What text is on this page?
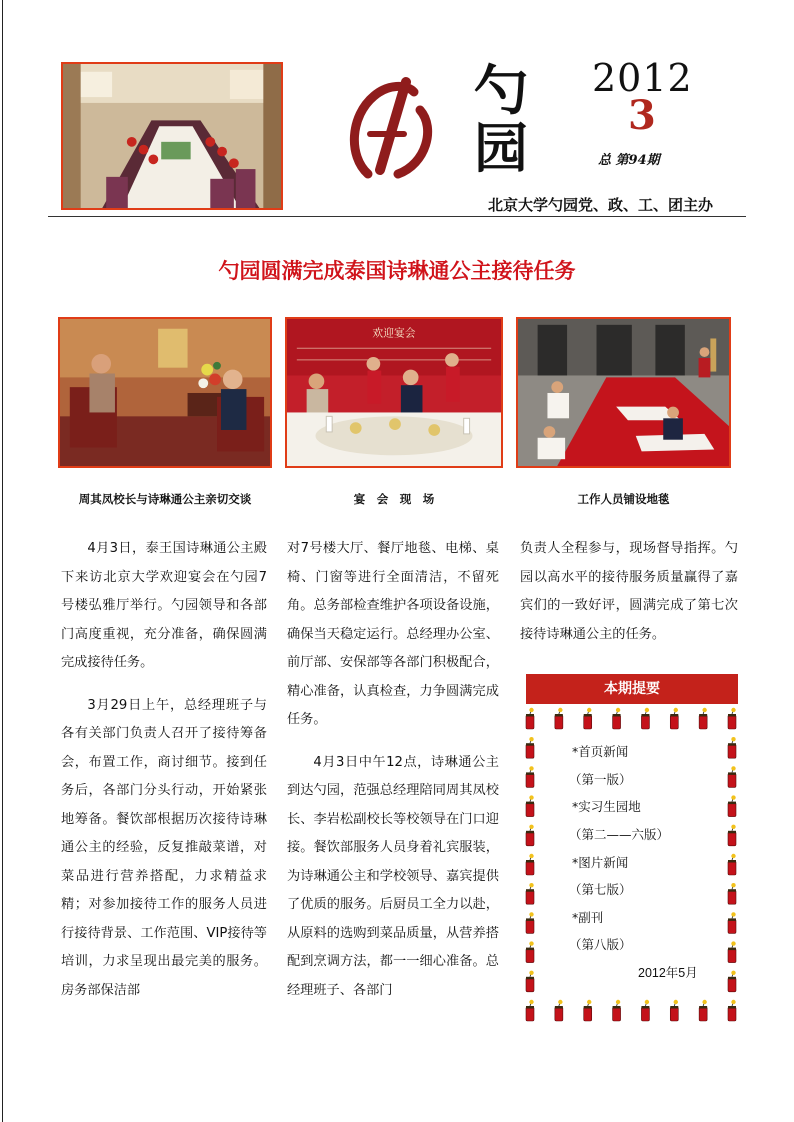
勺
园
2012
3
总 第94期
北京大学勺园党、政、工、团主办
勺园圆满完成泰国诗琳通公主接待任务
欢迎宴会
周其凤校长与诗琳通公主亲切交谈	宴　会　现　场	工作人员铺设地毯

4月3日，泰王国诗琳通公主殿下来访北京大学欢迎宴会在勺园7号楼弘雅厅举行。勺园领导和各部门高度重视，充分准备，确保圆满完成接待任务。

3月29日上午，总经理班子与各有关部门负责人召开了接待筹备会，布置工作，商讨细节。接到任务后，各部门分头行动，开始紧张地筹备。餐饮部根据历次接待诗琳通公主的经验，反复推敲菜谱，对菜品进行营养搭配，力求精益求精；对参加接待工作的服务人员进行接待背景、工作范围、VIP接待等培训，力求呈现出最完美的服务。房务部保洁部

对7号楼大厅、餐厅地毯、电梯、桌椅、门窗等进行全面清洁，不留死角。总务部检查维护各项设备设施，确保当天稳定运行。总经理办公室、前厅部、安保部等各部门积极配合，精心准备，认真检查，力争圆满完成任务。

4月3日中午12点，诗琳通公主到达勺园，范强总经理陪同周其凤校长、李岩松副校长等校领导在门口迎接。餐饮部服务人员身着礼宾服装，为诗琳通公主和学校领导、嘉宾提供了优质的服务。后厨员工全力以赴，从原料的选购到菜品质量，从营养搭配到烹调方法，都一一细心准备。总经理班子、各部门

负责人全程参与，现场督导指挥。勺园以高水平的接待服务质量赢得了嘉宾们的一致好评，圆满完成了第七次接待诗琳通公主的任务。

本期提要
*首页新闻
（第一版）
*实习生园地
（第二——六版）
*图片新闻
（第七版）
*副刊
（第八版）
2012年5月
